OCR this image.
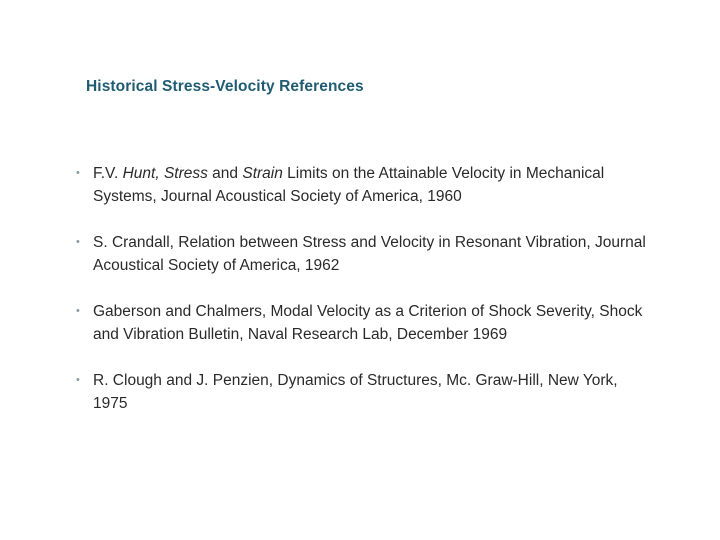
Historical Stress-Velocity References
• F.V. Hunt, Stress and Strain Limits on the Attainable Velocity in Mechanical Systems, Journal Acoustical Society of America, 1960
• S. Crandall, Relation between Stress and Velocity in Resonant Vibration, Journal Acoustical Society of America, 1962
• Gaberson and Chalmers, Modal Velocity as a Criterion of Shock Severity, Shock and Vibration Bulletin, Naval Research Lab, December 1969
• R. Clough and J. Penzien, Dynamics of Structures, Mc. Graw-Hill, New York, 1975
